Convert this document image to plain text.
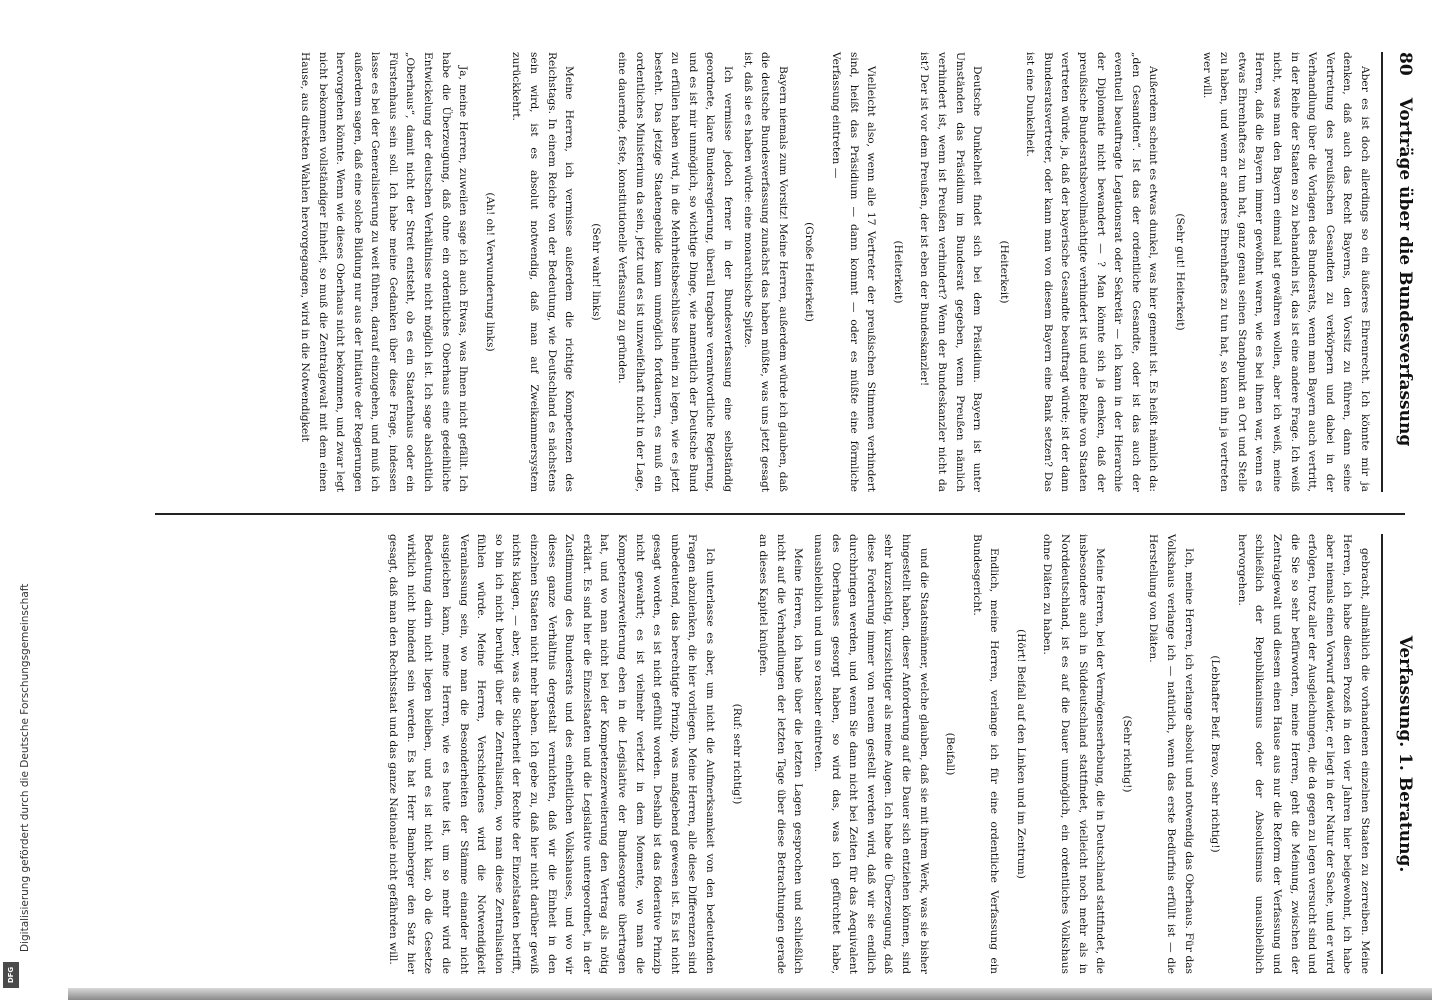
Digitalisierung gefördert durch die Deutsche Forschungsgemeinschaft
DFG
80
Vorträge über die Bundesverfassung

Aber es ist doch allerdings so ein äußeres Ehrenrecht. Ich könnte mir ja denken, daß auch das Recht Bayerns, den Vorsitz zu führen, dann seine Vertretung des preußischen Gesandten zu verkörpern und dabei in der Verhandlung über die Vorlagen des Bundesrats, wenn man Bayern auch vertritt, in der Reihe der Staaten so zu behandeln ist, das ist eine andere Frage. Ich weiß nicht, was man den Bayern einmal hat gewähren wollen, aber ich weiß, meine Herren, daß die Bayern immer gewöhnt waren, wie es bei ihnen war, wenn es etwas Ehrenhaftes zu tun hat, ganz genau seinen Standpunkt an Ort und Stelle zu haben, und wenn er anderes Ehrenhaftes zu tun hat, so kann ihn ja vertreten wer will.

(Sehr gut! Heiterkeit)

Außerdem scheint es etwas dunkel, was hier gemeint ist. Es heißt nämlich da: „den Gesandten“. Ist das der ordentliche Gesandte, oder ist das auch der eventuell beauftragte Legationsrat oder Sekretär — ich kann in der Hierarchie der Diplomatie nicht bewandert — ? Man könnte sich ja denken, daß der preußische Bundesratsbevollmächtigte verhindert ist und eine Reihe von Staaten vertreten würde, ja, daß der bayerische Gesandte beauftragt würde; ist der dann Bundesratsvertreter, oder kann man von diesem Bayern eine Bank setzen? Das ist eine Dunkelheit.

(Heiterkeit)

Deutsche Dunkelheit findet sich bei dem Präsidium. Bayern ist unter Umständen das Präsidium im Bundesrat gegeben, wenn Preußen nämlich verhindert ist, wenn ist Preußen verhindert? Wenn der Bundeskanzler nicht da ist? Der ist vor dem Preußen, der ist eben der Bundeskanzler!

(Heiterkeit)

Vielleicht also, wenn alle 17 Vertreter der preußischen Stimmen verhindert sind, heißt das Präsidium — dann kommt — oder es müßte eine förmliche Verfassung eintreten —

(Große Heiterkeit)

Bayern niemals zum Vorsitz! Meine Herren, außerdem würde ich glauben, daß die deutsche Bundesverfassung zunächst das haben müßte, was uns jetzt gesagt ist, daß sie es haben würde: eine monarchische Spitze.

Ich vermisse jedoch ferner in der Bundesverfassung eine selbständig geordnete, klare Bundesregierung, überall tragbare verantwortliche Regierung, und es ist mir unmöglich, so wichtige Dinge, wie namentlich der Deutsche Bund zu erfüllen haben wird, in die Mehrheitsbeschlüsse hinein zu legen, wie es jetzt besteht. Das jetzige Staatengebilde kann unmöglich fortdauern, es muß ein ordentliches Ministerium da sein, jetzt und es ist unzweifelhaft nicht in der Lage, eine dauernde, feste, konstitutionelle Verfassung zu gründen.

(Sehr wahr! links)

Meine Herren, ich vermisse außerdem die richtige Kompetenzen des Reichstags. In einem Reiche von der Bedeutung, wie Deutschland es nächstens sein wird, ist es absolut notwendig, daß man auf Zweikammersystem zurückkehrt.

(Ah! oh! Verwunderung links)

Ja, meine Herren, zuweilen sage ich auch Etwas, was Ihnen nicht gefällt. Ich habe die Überzeugung, daß ohne ein ordentliches Oberhaus eine gedeihliche Entwickelung der deutschen Verhältnisse nicht möglich ist. Ich sage absichtlich „Oberhaus“, damit nicht der Streit entsteht, ob es ein Staatenhaus oder ein Fürstenhaus sein soll. Ich habe meine Gedanken über diese Frage, indessen lasse es bei der Generalisierung zu weit führen, darauf einzugehen, und muß ich außerdem sagen, daß eine solche Bildung nur aus der Initiative der Regierungen hervorgehen könnte. Wenn wie dieses Oberhaus nicht bekommen, und zwar legt nicht bekommen vollständiger Einheit, so muß die Zentralgewalt mit dem einen Hause, aus direkten Wahlen hervorgegangen, wird in die Notwendigkeit

Verfassung. 1. Beratung.

gebracht, allmählich die vorhandenen einzelnen Staaten zu zerreiben. Meine Herren, ich habe diesen Prozeß in den vier Jahren hier beigewohnt, ich habe aber niemals einen Vorwurf dawider, er liegt in der Natur der Sache, und er wird erfolgen, trotz aller der Ausgleichungen, die da gegen zu legen versucht sind und die Sie so sehr befürworten, meine Herren, geht die Meinung, zwischen der Zentralgewalt und diesem einen Hause aus nur die Reform der Verfassung und schließlich der Republikanismus oder der Absolutismus unausbleiblich hervorgehen.

(Lebhafter Beif. Bravo, sehr richtig!)

Ich, meine Herren, ich verlange absolut und notwendig das Oberhaus. Für das Volkshaus verlange ich — natürlich, wenn das erste Bedürfnis erfüllt ist — die Herstellung von Diäten.

(Sehr richtig!)

Meine Herren, bei der Vermögenserhebung, die in Deutschland stattfindet, die insbesondere auch in Süddeutschland stattfindet, vielleicht noch mehr als in Norddeutschland, ist es auf die Dauer unmöglich, ein ordentliches Volkshaus ohne Diäten zu haben.

(Hört! Beifall auf den Linken und im Zentrum)

Endlich, meine Herren, verlange ich für eine ordentliche Verfassung ein Bundesgericht.

(Beifall)

und die Staatsmänner, welche glauben, daß sie mit ihrem Werk, was sie bisher hingestellt haben, dieser Anforderung auf die Dauer sich entziehen können, sind sehr kurzsichtig, kurzsichtiger als meine Augen. Ich habe die Überzeugung, daß diese Forderung immer von neuem gestellt werden wird, daß wir sie endlich durchbringen werden, und wenn Sie dann nicht bei Zeiten für das Aequivalent des Oberhauses gesorgt haben, so wird das, was ich gefürchtet habe, unausbleiblich und um so rascher eintreten.

Meine Herren, ich habe über die letzten Lagen gesprochen und schließlich nicht auf die Verhandlungen der letzten Tage über diese Betrachtungen gerade an dieses Kapitel knüpfen.

(Ruf: sehr richtig!)

Ich unterlasse es aber, um nicht die Aufmerksamkeit von den bedeutenden Fragen abzulenken, die hier vorliegen. Meine Herren, alle diese Differenzen sind unbedeutend, das berechtigte Prinzip, was maßgebend gewesen ist. Es ist nicht gesagt worden, es ist nicht gefühlt worden. Deshalb ist das föderative Prinzip nicht gewahrt; es ist vielmehr verletzt in dem Momente, wo man die Kompetenzerweiterung eben in die Legislative der Bundesorgane übertragen hat, und wo man nicht bei der Kompetenzerweiterung den Vertrag als nötig erklärt. Es sind hier die Einzelstaaten und die Legislative untergeordnet, in der Zustimmung des Bundesrats und des einheitlichen Volkshauses, und wo wir dieses ganze Verhältnis dergestalt vernichten, daß wir die Einheit in den einzelnen Staaten nicht mehr haben. Ich gebe zu, daß hier nicht darüber gewiß nichts klagen, — aber, was die Sicherheit der Rechte der Einzelstaaten betrifft, so bin ich nicht beruhigt über die Zentralisation, wo man diese Zentralisation fühlen würde. Meine Herren, Verschiedenes wird die Notwendigkeit Veranlassung sein, wo man die Besonderheiten der Stämme einander nicht ausgleichen kann, meine Herren, wie es heute ist, um so mehr wird die Bedeutung darin nicht liegen bleiben, und es ist nicht klar, ob die Gesetze wirklich nicht bindend sein werden. Es hat Herr Bamberger den Satz hier gesagt, daß man den Rechtsstaat und das ganze Nationale nicht gefährden will.
